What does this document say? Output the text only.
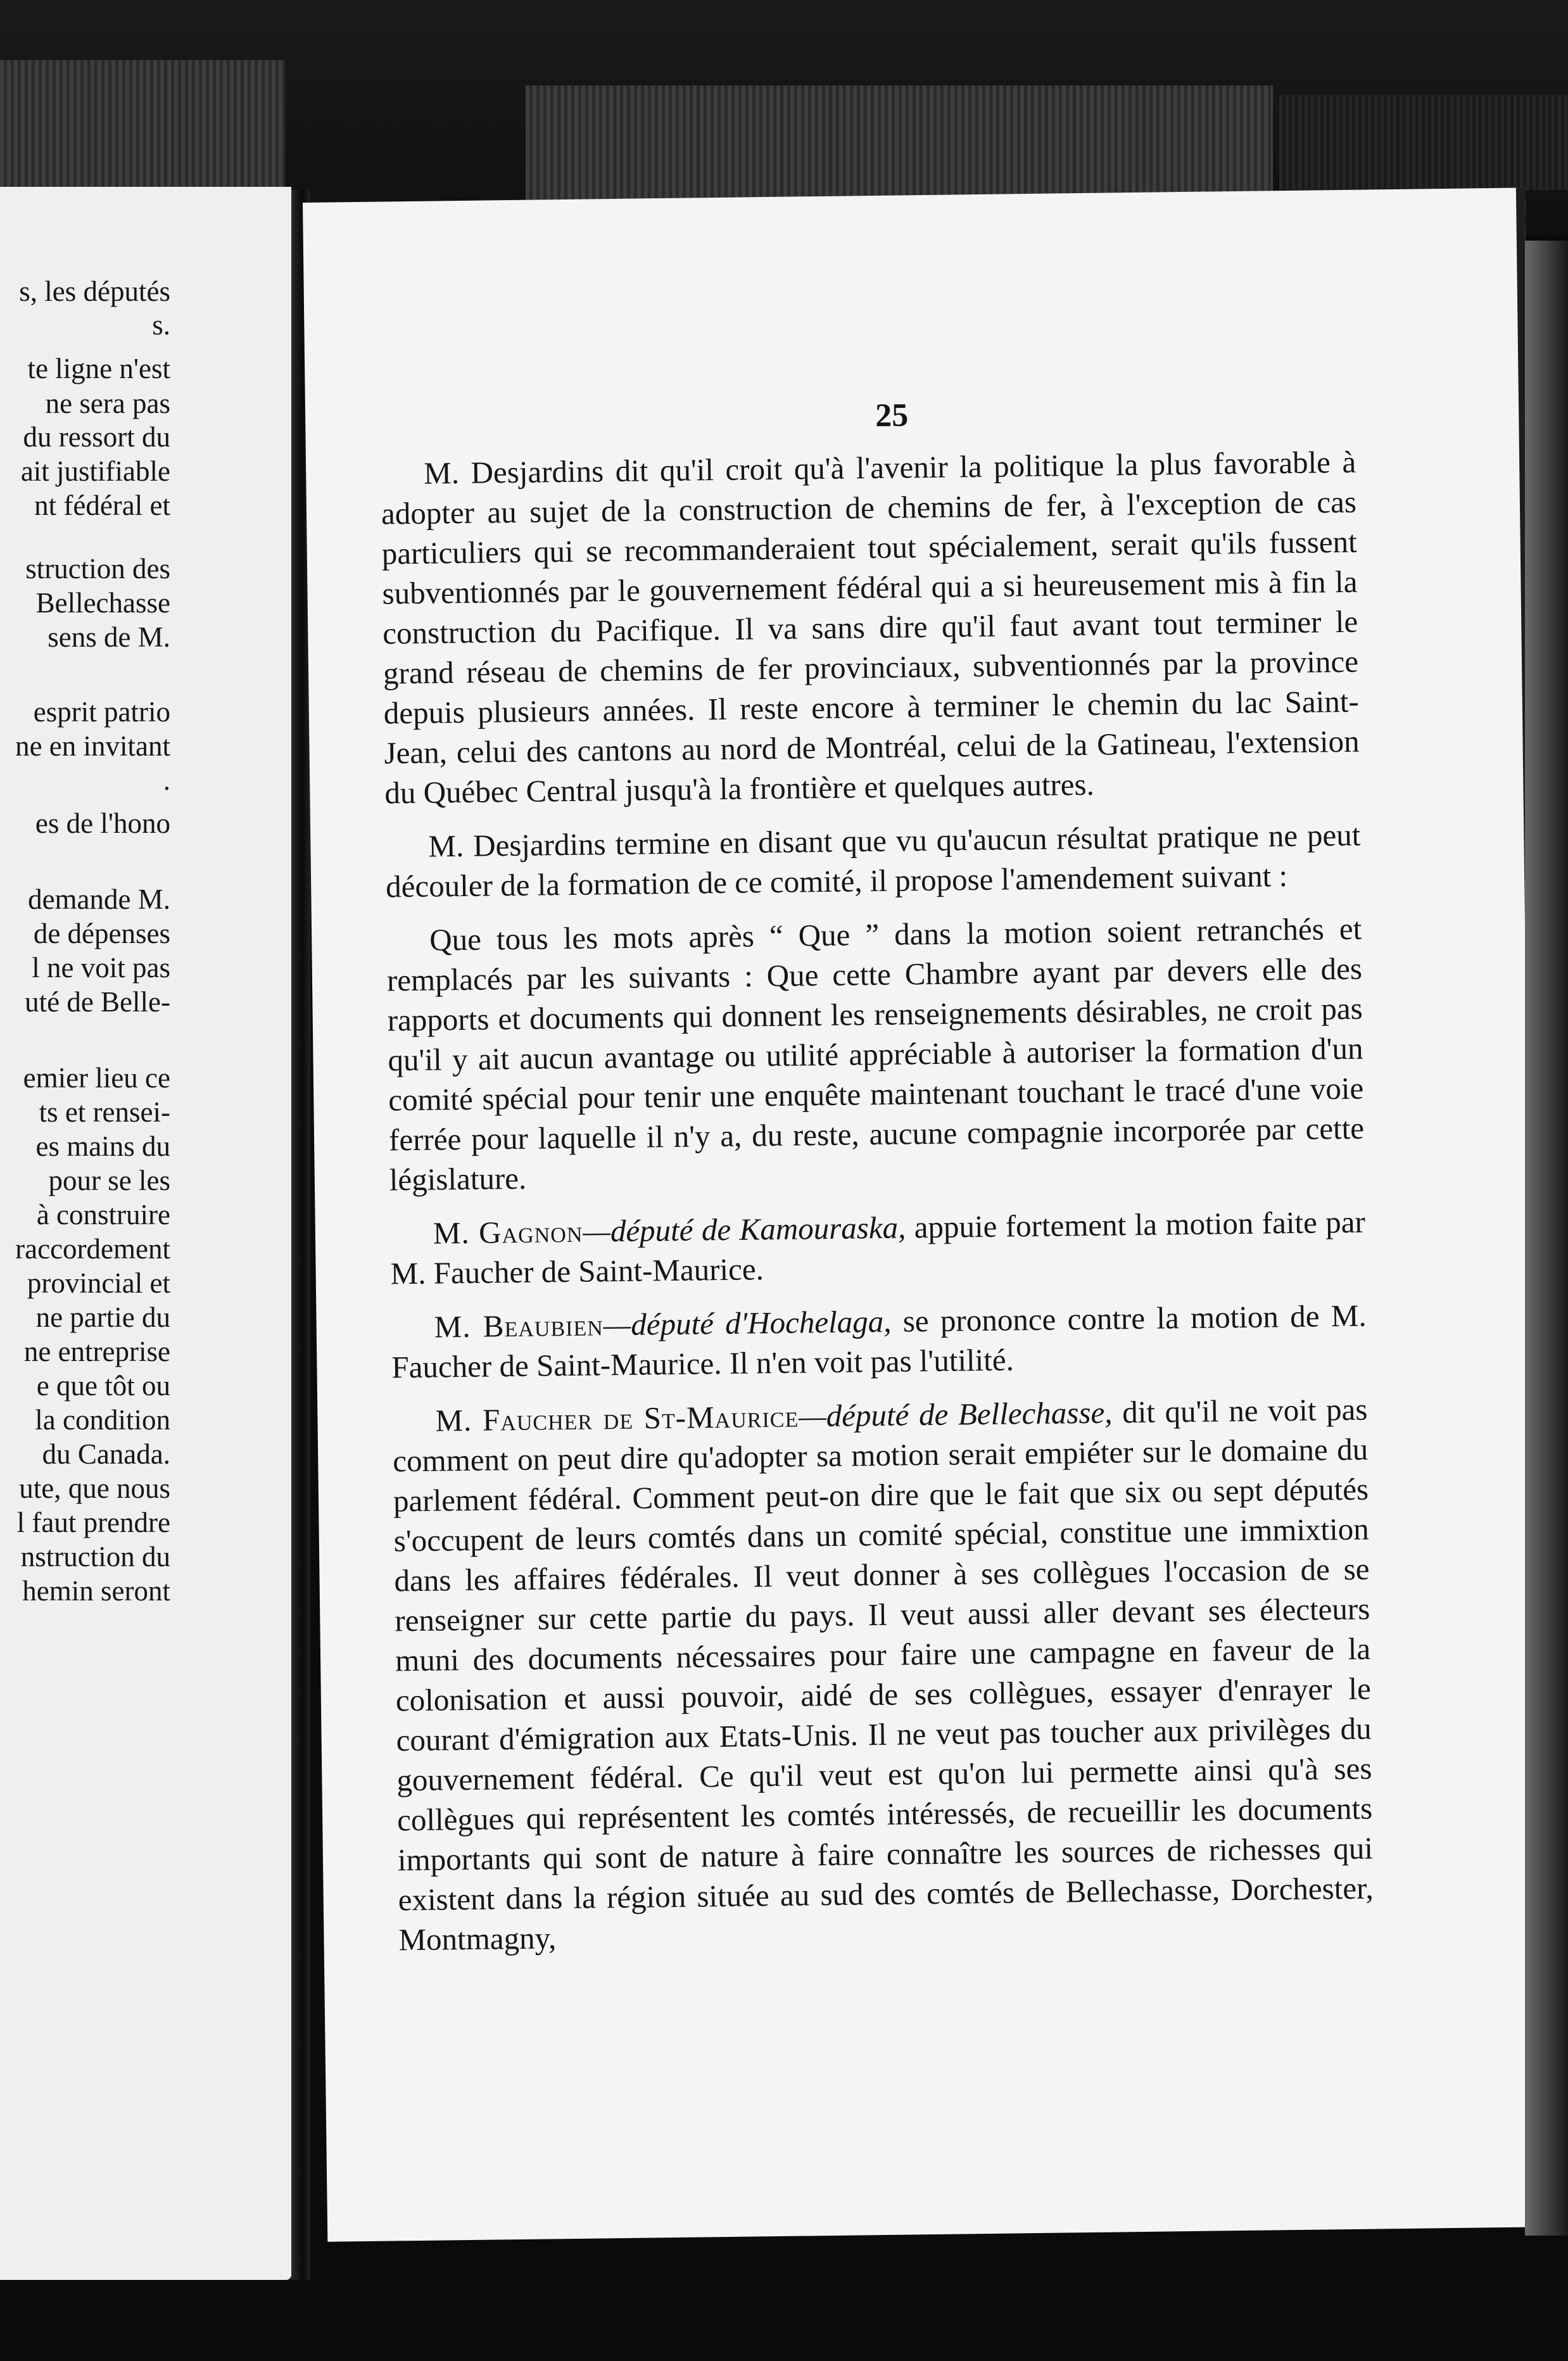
s, les députés
s.
te ligne n'est
ne sera pas
du ressort du
ait justifiable
nt fédéral et
struction des
Bellechasse
sens de M.
esprit patrio
ne en invitant
.
es de l'hono
demande M.
de dépenses
l ne voit pas
uté de Belle-
emier lieu ce
ts et rensei-
es mains du
pour se les
à construire
raccordement
provincial et
ne partie du
ne entreprise
e que tôt ou
la condition
du Canada.
ute, que nous
l faut prendre
nstruction du
hemin seront
25

M. Desjardins dit qu'il croit qu'à l'avenir la politique la plus favorable à adopter au sujet de la construction de chemins de fer, à l'exception de cas particuliers qui se recommanderaient tout spécialement, serait qu'ils fussent subventionnés par le gouvernement fédéral qui a si heureusement mis à fin la construction du Pacifique. Il va sans dire qu'il faut avant tout terminer le grand réseau de chemins de fer provinciaux, subventionnés par la province depuis plusieurs années. Il reste encore à terminer le chemin du lac Saint-Jean, celui des cantons au nord de Montréal, celui de la Gatineau, l'extension du Québec Central jusqu'à la frontière et quelques autres.

M. Desjardins termine en disant que vu qu'aucun résultat pratique ne peut découler de la formation de ce comité, il propose l'amendement suivant :

Que tous les mots après “ Que ” dans la motion soient retranchés et remplacés par les suivants : Que cette Chambre ayant par devers elle des rapports et documents qui donnent les renseignements désirables, ne croit pas qu'il y ait aucun avantage ou utilité appréciable à autoriser la formation d'un comité spécial pour tenir une enquête maintenant touchant le tracé d'une voie ferrée pour laquelle il n'y a, du reste, aucune compagnie incorporée par cette législature.

M. Gagnon—député de Kamouraska, appuie fortement la motion faite par M. Faucher de Saint-Maurice.

M. Beaubien—député d'Hochelaga, se prononce contre la motion de M. Faucher de Saint-Maurice. Il n'en voit pas l'utilité.

M. Faucher de St-Maurice—député de Bellechasse, dit qu'il ne voit pas comment on peut dire qu'adopter sa motion serait empiéter sur le domaine du parlement fédéral. Comment peut-on dire que le fait que six ou sept députés s'occupent de leurs comtés dans un comité spécial, constitue une immixtion dans les affaires fédérales. Il veut donner à ses collègues l'occasion de se renseigner sur cette partie du pays. Il veut aussi aller devant ses électeurs muni des documents nécessaires pour faire une campagne en faveur de la colonisation et aussi pouvoir, aidé de ses collègues, essayer d'enrayer le courant d'émigration aux Etats-Unis. Il ne veut pas toucher aux privilèges du gouvernement fédéral. Ce qu'il veut est qu'on lui permette ainsi qu'à ses collègues qui représentent les comtés intéressés, de recueillir les documents importants qui sont de nature à faire connaître les sources de richesses qui existent dans la région située au sud des comtés de Bellechasse, Dorchester, Montmagny,
